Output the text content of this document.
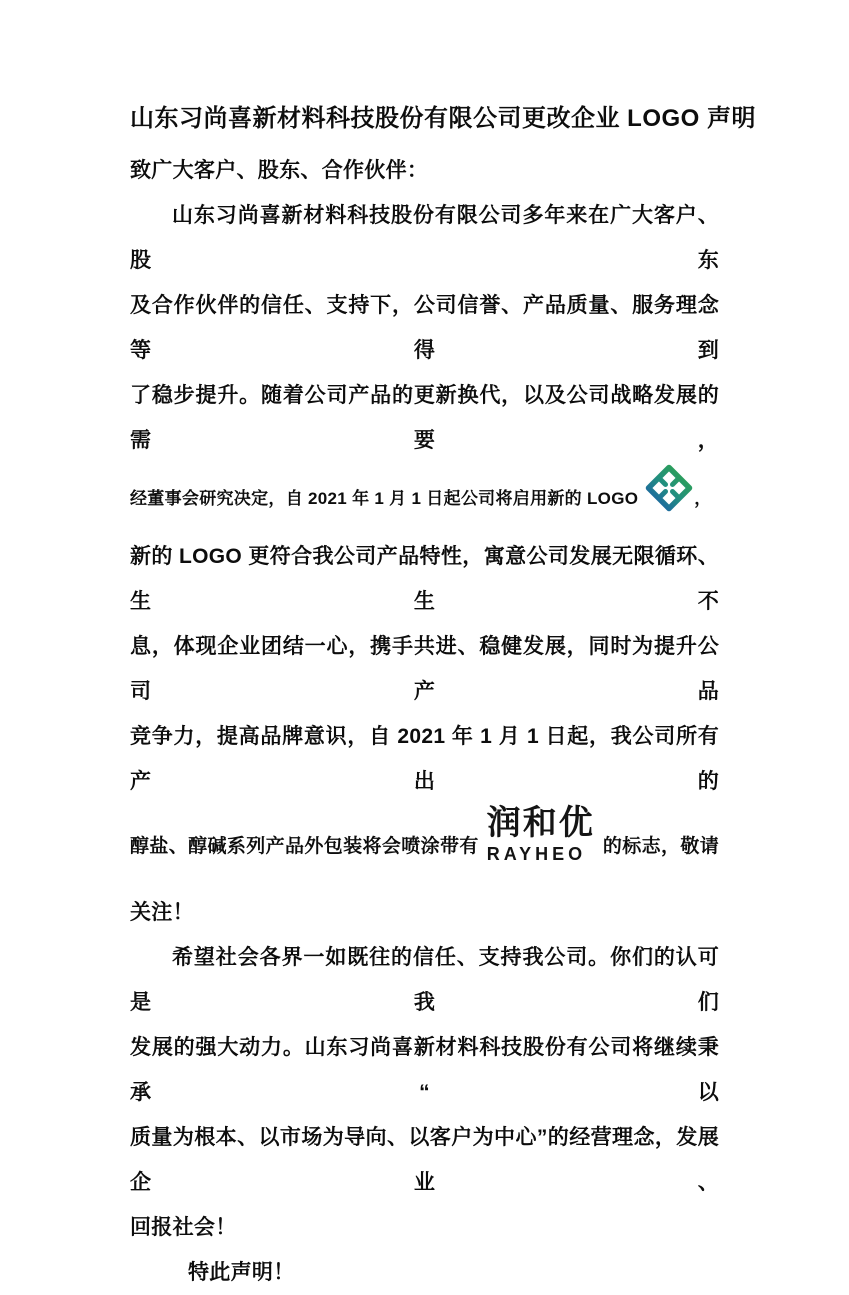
山东习尚喜新材料科技股份有限公司更改企业 LOGO 声明
致广大客户、股东、合作伙伴：
山东习尚喜新材料科技股份有限公司多年来在广大客户、股东
及合作伙伴的信任、支持下，公司信誉、产品质量、服务理念等得到
了稳步提升。随着公司产品的更新换代，以及公司战略发展的需要，
经董事会研究决定，自 2021 年 1 月 1 日起公司将启用新的 LOGO	，
新的 LOGO 更符合我公司产品特性，寓意公司发展无限循环、生生不
息，体现企业团结一心，携手共进、稳健发展，同时为提升公司产品
竞争力，提高品牌意识，自 2021 年 1 月 1 日起，我公司所有产出的
醇盐、醇碱系列产品外包装将会喷涂带有
润和优
RAYHEO 的标志，敬请
关注！
希望社会各界一如既往的信任、支持我公司。你们的认可是我们
发展的强大动力。山东习尚喜新材料科技股份有公司将继续秉承“以
质量为根本、以市场为导向、以客户为中心”的经营理念，发展企业、
回报社会！
特此声明！
